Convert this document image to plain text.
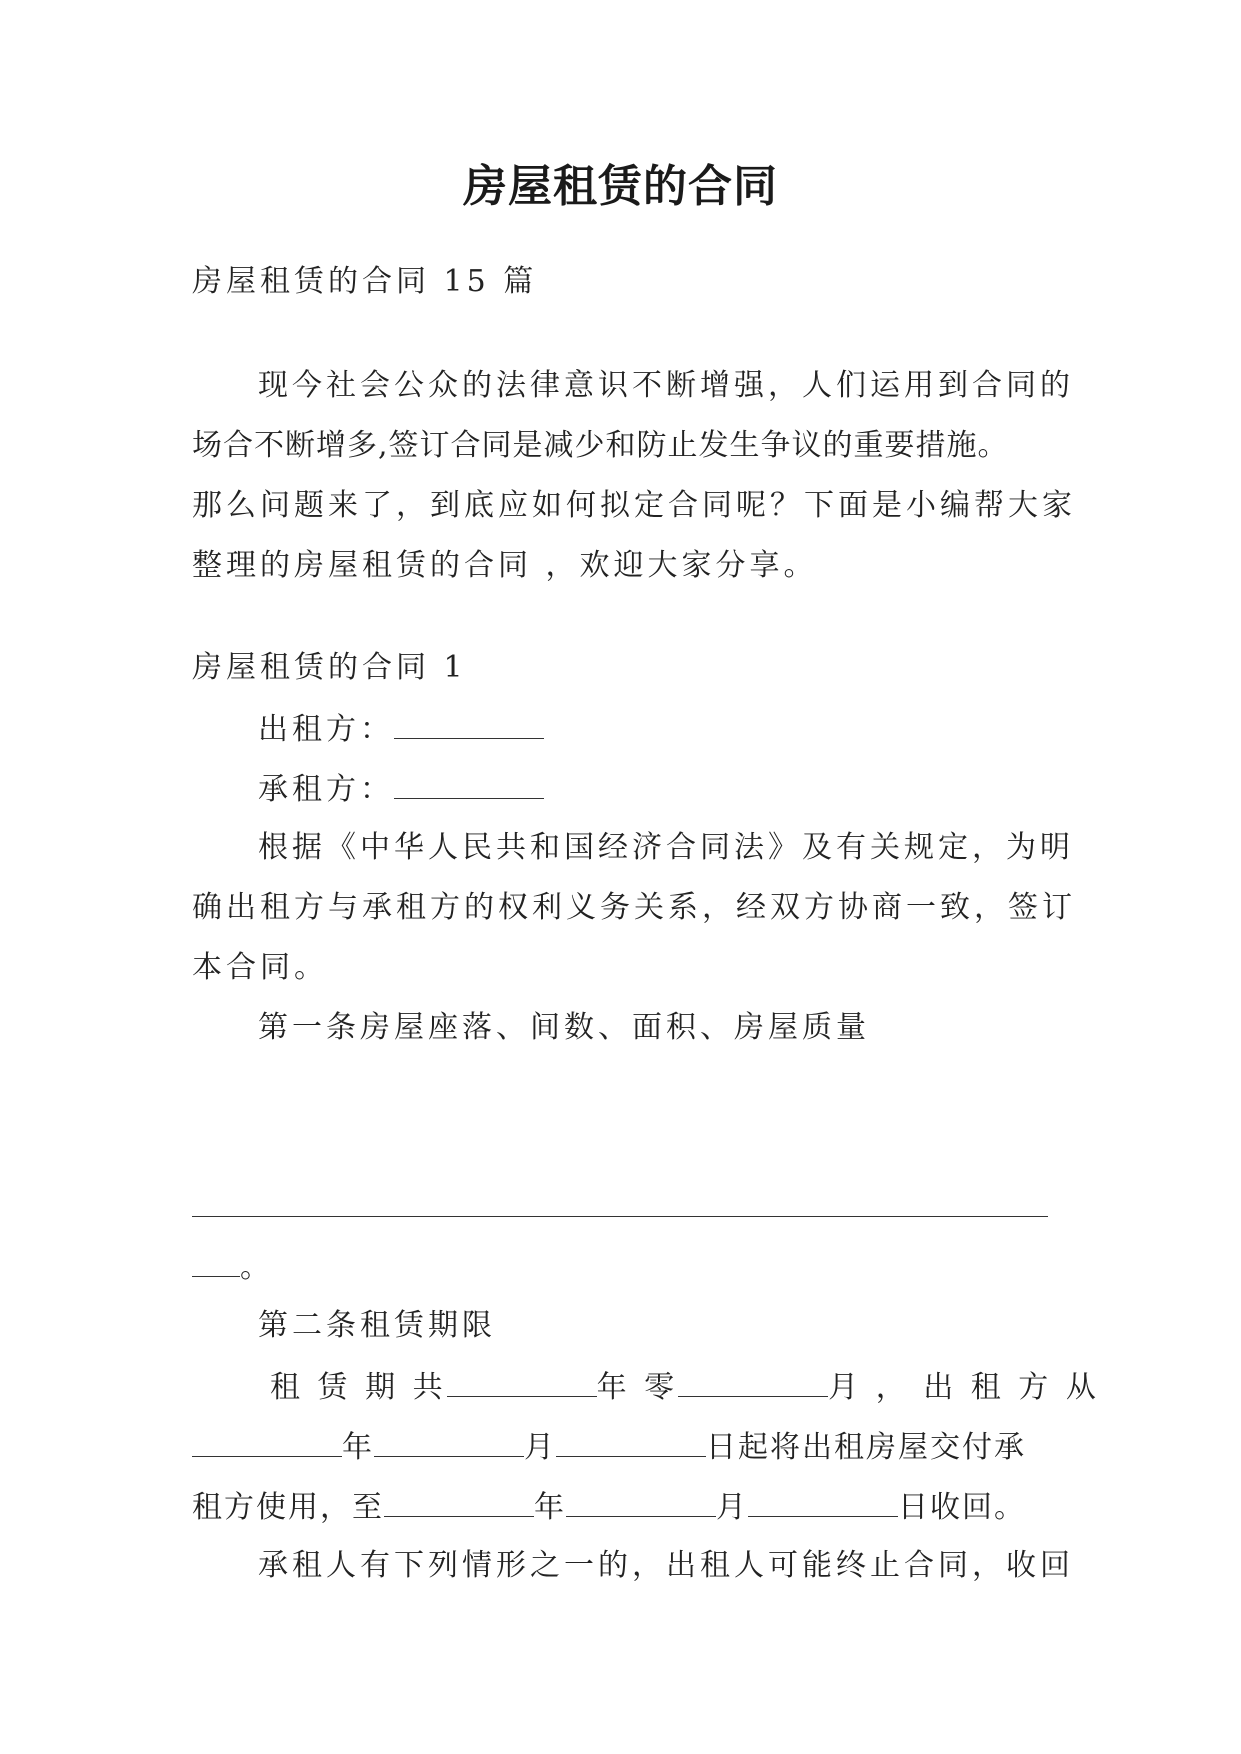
房屋租赁的合同
房屋租赁的合同 15 篇
现今社会公众的法律意识不断增强，人们运用到合同的
场合不断增多,签订合同是减少和防止发生争议的重要措施。
那么问题来了，到底应如何拟定合同呢？下面是小编帮大家
整理的房屋租赁的合同 ，欢迎大家分享。
房屋租赁的合同 1
出租方：
承租方：
根据《中华人民共和国经济合同法》及有关规定，为明
确出租方与承租方的权利义务关系，经双方协商一致，签订
本合同。
第一条房屋座落、间数、面积、房屋质量
。
第二条租赁期限
租 赁 期 共	年 零	月 ， 出 租 方 从
年	月	日起将出租房屋交付承
租方使用，至	年	月	日收回。
承租人有下列情形之一的，出租人可能终止合同，收回
